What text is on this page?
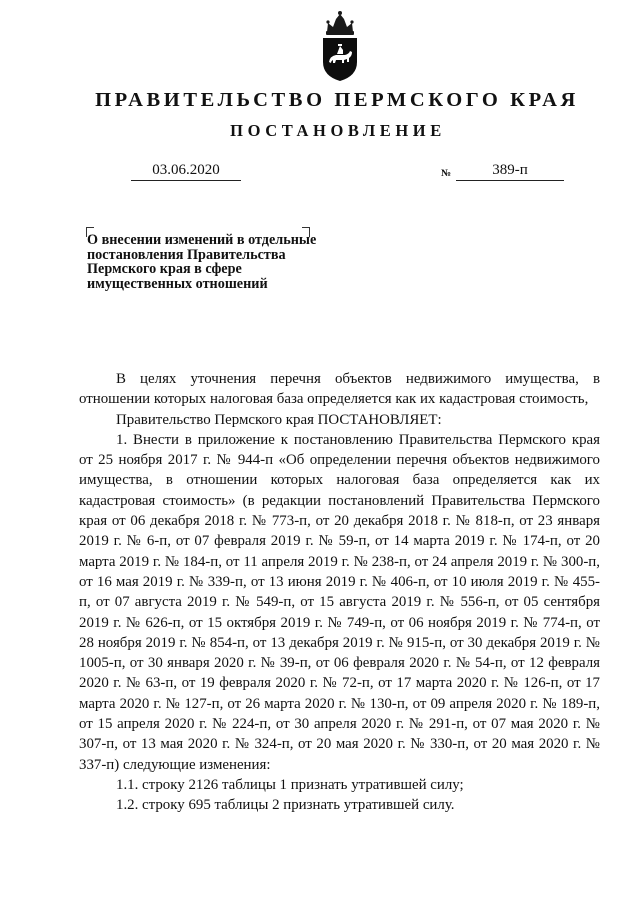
ПРАВИТЕЛЬСТВО ПЕРМСКОГО КРАЯ
ПОСТАНОВЛЕНИЕ
03.06.2020	№	389-п
О внесении изменений в отдельные
постановления Правительства
Пермского края в сфере
имущественных отношений

В целях уточнения перечня объектов недвижимого имущества, в отношении которых налоговая база определяется как их кадастровая стоимость,

Правительство Пермского края ПОСТАНОВЛЯЕТ:

1. Внести в приложение к постановлению Правительства Пермского края от 25 ноября 2017 г. № 944-п «Об определении перечня объектов недвижимого имущества, в отношении которых налоговая база определяется как их кадастровая стоимость» (в редакции постановлений Правительства Пермского края от 06 декабря 2018 г. № 773-п, от 20 декабря 2018 г. № 818-п, от 23 января 2019 г. № 6-п, от 07 февраля 2019 г. № 59-п, от 14 марта 2019 г. № 174-п, от 20 марта 2019 г. № 184-п, от 11 апреля 2019 г. № 238-п, от 24 апреля 2019 г. № 300-п, от 16 мая 2019 г. № 339-п, от 13 июня 2019 г. № 406-п, от 10 июля 2019 г. № 455-п, от 07 августа 2019 г. № 549-п, от 15 августа 2019 г. № 556-п, от 05 сентября 2019 г. № 626-п, от 15 октября 2019 г. № 749-п, от 06 ноября 2019 г. № 774-п, от 28 ноября 2019 г. № 854-п, от 13 декабря 2019 г. № 915-п, от 30 декабря 2019 г. № 1005-п, от 30 января 2020 г. № 39-п, от 06 февраля 2020 г. № 54-п, от 12 февраля 2020 г. № 63-п, от 19 февраля 2020 г. № 72-п, от 17 марта 2020 г. № 126-п, от 17 марта 2020 г. № 127-п, от 26 марта 2020 г. № 130-п, от 09 апреля 2020 г. № 189-п, от 15 апреля 2020 г. № 224-п, от 30 апреля 2020 г. № 291-п, от 07 мая 2020 г. № 307-п, от 13 мая 2020 г. № 324-п, от 20 мая 2020 г. № 330-п, от 20 мая 2020 г. № 337-п) следующие изменения:

1.1. строку 2126 таблицы 1 признать утратившей силу;

1.2. строку 695 таблицы 2 признать утратившей силу.
